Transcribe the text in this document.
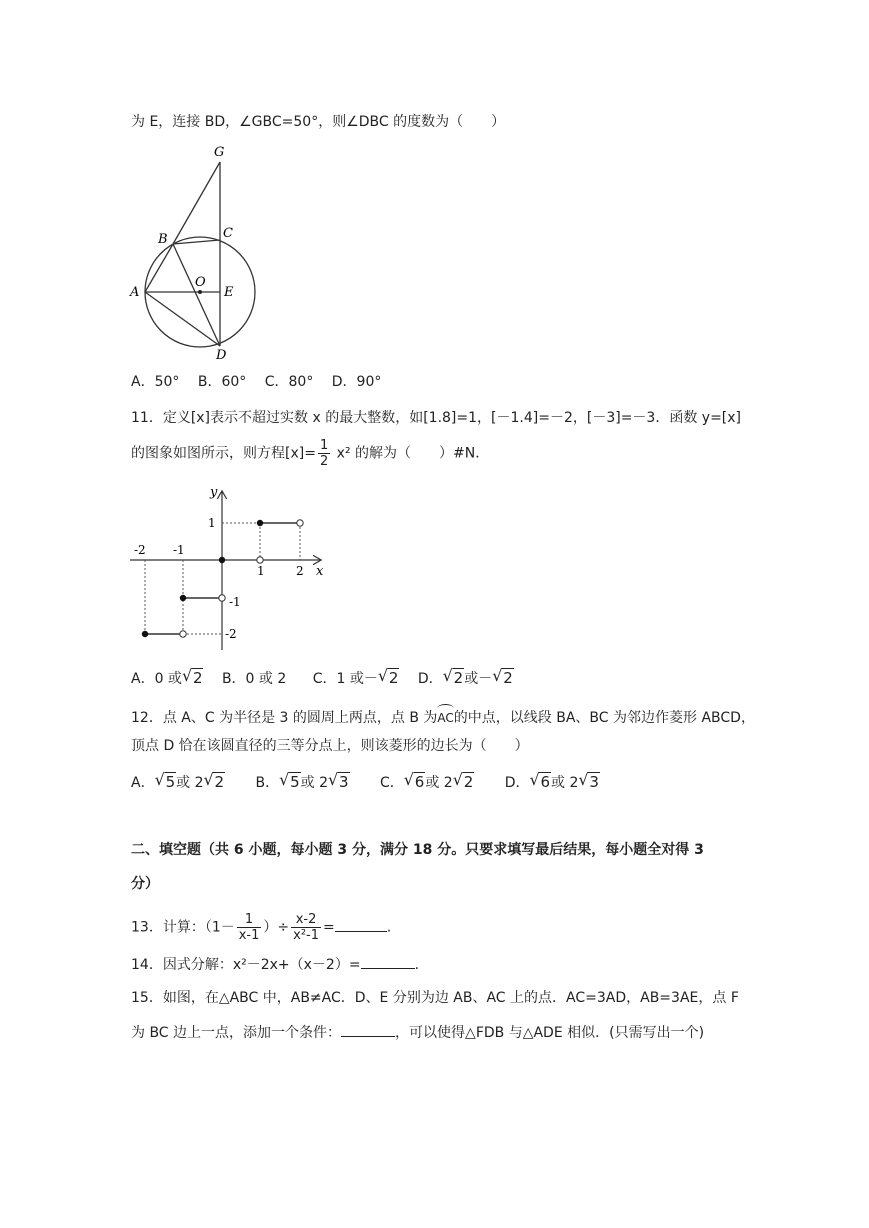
为 E，连接 BD，∠GBC=50°，则∠DBC 的度数为（　　）
G
B	C
A
O
E
D
A．50° B．60° C．80° D．90°
11．定义[x]表示不超过实数 x 的最大整数，如[1.8]=1，[－1.4]=－2，[－3]=－3．函数 y=[x]
的图象如图所示，则方程$[x]= \frac{1}{2} x^2$ 的解为（　　）#N．
y
x
-2 -1
1	2
1
-1
-2
A．0 或 √ 2 B．0 或 2 C．1 或－ √ 2 D． √ 2或－ √ 2
12．点 A、C 为半径是 3 的圆周上两点，点 B 为AC的中点，以线段 BA、BC 为邻边作菱形 ABCD，
顶点 D 恰在该圆直径的三等分点上，则该菱形的边长为（　　）
A． √ 5或 2 √ 2 B． √ 5或 2 √ 3 C． √ 6或 2 √ 2 D． √ 6或 2 √ 3
二、填空题（共 6 小题，每小题 3 分，满分 18 分。只要求填写最后结果，每小题全对得 3
分）
13．计算：（$1- \frac{1}{x-1}$ ）÷ $\frac{x-2}{\text{x²-1}}$ =	.
14．因式分解：x²－2x+（x－2）=	.
15．如图，在△ABC 中，AB≠AC．D、E 分别为边 AB、AC 上的点．AC=3AD，AB=3AE，点 F
为 BC 边上一点，添加一个条件：	，可以使得△FDB 与△ADE 相似．(只需写出一个)
